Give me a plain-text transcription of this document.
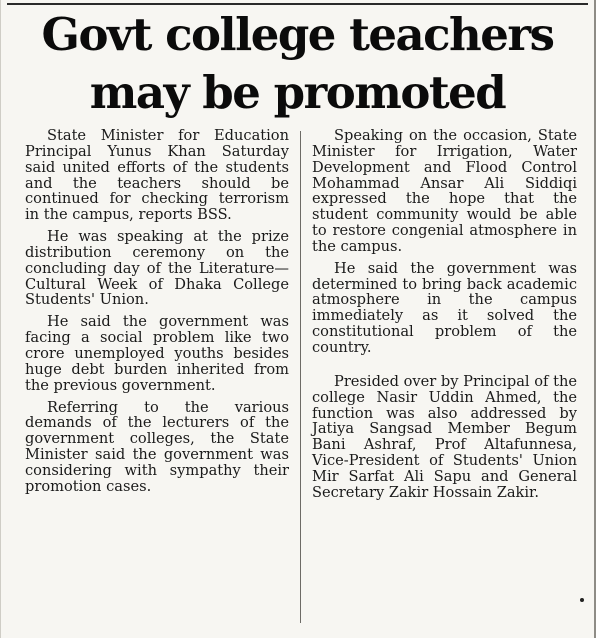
Govt college teachers
may be promoted

State Minister for Education Principal Yunus Khan Saturday said united efforts of the students and the teachers should be continued for checking terrorism in the campus, reports BSS.

He was speaking at the prize distribution ceremony on the concluding day of the Literature—Cultural Week of Dhaka College Students' Union.

He said the government was facing a social problem like two crore unemployed youths besides huge debt burden inherited from the previous government.

Referring to the various demands of the lecturers of the government colleges, the State Minister said the government was considering with sympathy their promotion cases.

Speaking on the occasion, State Minister for Irrigation, Water Development and Flood Control Mohammad Ansar Ali Siddiqi expressed the hope that the student community would be able to restore congenial atmosphere in the campus.

He said the government was determined to bring back academic atmosphere in the campus immediately as it solved the constitutional problem of the country.

Presided over by Principal of the college Nasir Uddin Ahmed, the function was also addressed by Jatiya Sangsad Member Begum Bani Ashraf, Prof Altafunnesa, Vice-President of Students' Union Mir Sarfat Ali Sapu and General Secretary Zakir Hossain Zakir.
